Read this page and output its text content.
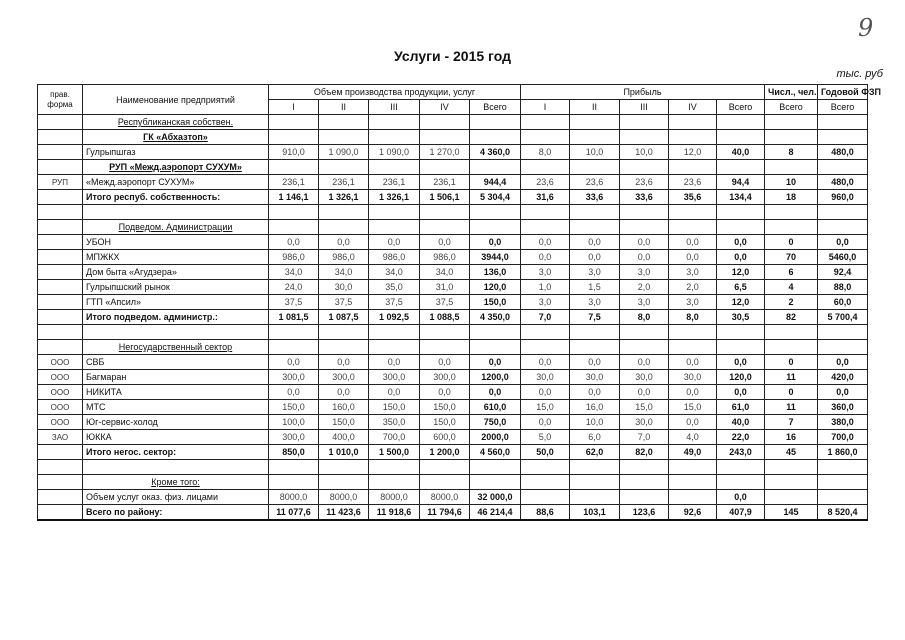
9
Услуги - 2015 год
тыс. руб
прав. форма	Наименование предприятий	Объем производства продукции, услуг					Прибыль					Числ., чел.	Годовой ФЗП
		I	II	III	IV	Всего	I	II	III	IV	Всего	Всего	Всего
	Республиканская собствен.												
	ГК «Абхазтоп»												
	Гулрыпшгаз	910,0	1 090,0	1 090,0	1 270,0	4 360,0	8,0	10,0	10,0	12,0	40,0	8	480,0
	РУП «Межд.аэропорт СУХУМ»												
РУП	«Межд.аэропорт СУХУМ»	236,1	236,1	236,1	236,1	944,4	23,6	23,6	23,6	23,6	94,4	10	480,0
	Итого респуб. собственность:	1 146,1	1 326,1	1 326,1	1 506,1	5 304,4	31,6	33,6	33,6	35,6	134,4	18	960,0

	Подведом. Администрации												
	УБОН	0,0	0,0	0,0	0,0	0,0	0,0	0,0	0,0	0,0	0,0	0	0,0
	МПЖКХ	986,0	986,0	986,0	986,0	3944,0	0,0	0,0	0,0	0,0	0,0	70	5460,0
	Дом быта «Агудзера»	34,0	34,0	34,0	34,0	136,0	3,0	3,0	3,0	3,0	12,0	6	92,4
	Гулрыпшский рынок	24,0	30,0	35,0	31,0	120,0	1,0	1,5	2,0	2,0	6,5	4	88,0
	ГТП «Апсил»	37,5	37,5	37,5	37,5	150,0	3,0	3,0	3,0	3,0	12,0	2	60,0
	Итого подведом. администр.:	1 081,5	1 087,5	1 092,5	1 088,5	4 350,0	7,0	7,5	8,0	8,0	30,5	82	5 700,4

	Негосударственный сектор												
ООО	СВБ	0,0	0,0	0,0	0,0	0,0	0,0	0,0	0,0	0,0	0,0	0	0,0
ООО	Багмаран	300,0	300,0	300,0	300,0	1200,0	30,0	30,0	30,0	30,0	120,0	11	420,0
ООО	НИКИТА	0,0	0,0	0,0	0,0	0,0	0,0	0,0	0,0	0,0	0,0	0	0,0
ООО	МТС	150,0	160,0	150,0	150,0	610,0	15,0	16,0	15,0	15,0	61,0	11	360,0
ООО	Юг-сервис-холод	100,0	150,0	350,0	150,0	750,0	0,0	10,0	30,0	0,0	40,0	7	380,0
ЗАО	ЮККА	300,0	400,0	700,0	600,0	2000,0	5,0	6,0	7,0	4,0	22,0	16	700,0
	Итого негос. сектор:	850,0	1 010,0	1 500,0	1 200,0	4 560,0	50,0	62,0	82,0	49,0	243,0	45	1 860,0

	Кроме того:												
	Объем услуг оказ. физ. лицами	8000,0	8000,0	8000,0	8000,0	32 000,0					0,0		
	Всего по району:	11 077,6	11 423,6	11 918,6	11 794,6	46 214,4	88,6	103,1	123,6	92,6	407,9	145	8 520,4
